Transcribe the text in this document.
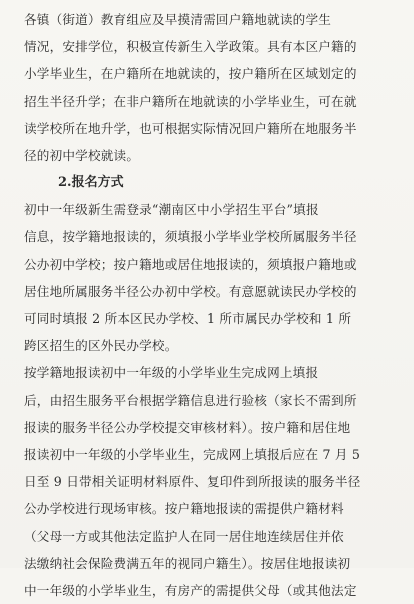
各镇（街道）教育组应及早摸清需回户籍地就读的学生
情况，安排学位，积极宣传新生入学政策。具有本区户籍的
小学毕业生，在户籍所在地就读的，按户籍所在区域划定的
招生半径升学；在非户籍所在地就读的小学毕业生，可在就
读学校所在地升学，也可根据实际情况回户籍所在地服务半
径的初中学校就读。

2.报名方式

初中一年级新生需登录“潮南区中小学招生平台”填报
信息，按学籍地报读的，须填报小学毕业学校所属服务半径
公办初中学校；按户籍地或居住地报读的，须填报户籍地或
居住地所属服务半径公办初中学校。有意愿就读民办学校的
可同时填报 2 所本区民办学校、1 所市属民办学校和 1 所
跨区招生的区外民办学校。

按学籍地报读初中一年级的小学毕业生完成网上填报
后，由招生服务平台根据学籍信息进行验核（家长不需到所
报读的服务半径公办学校提交审核材料）。按户籍和居住地
报读初中一年级的小学毕业生，完成网上填报后应在 7 月 5
日至 9 日带相关证明材料原件、复印件到所报读的服务半径
公办学校进行现场审核。按户籍地报读的需提供户籍材料
（父母一方或其他法定监护人在同一居住地连续居住并依
法缴纳社会保险费满五年的视同户籍生）。按居住地报读初
中一年级的小学毕业生，有房产的需提供父母（或其他法定
